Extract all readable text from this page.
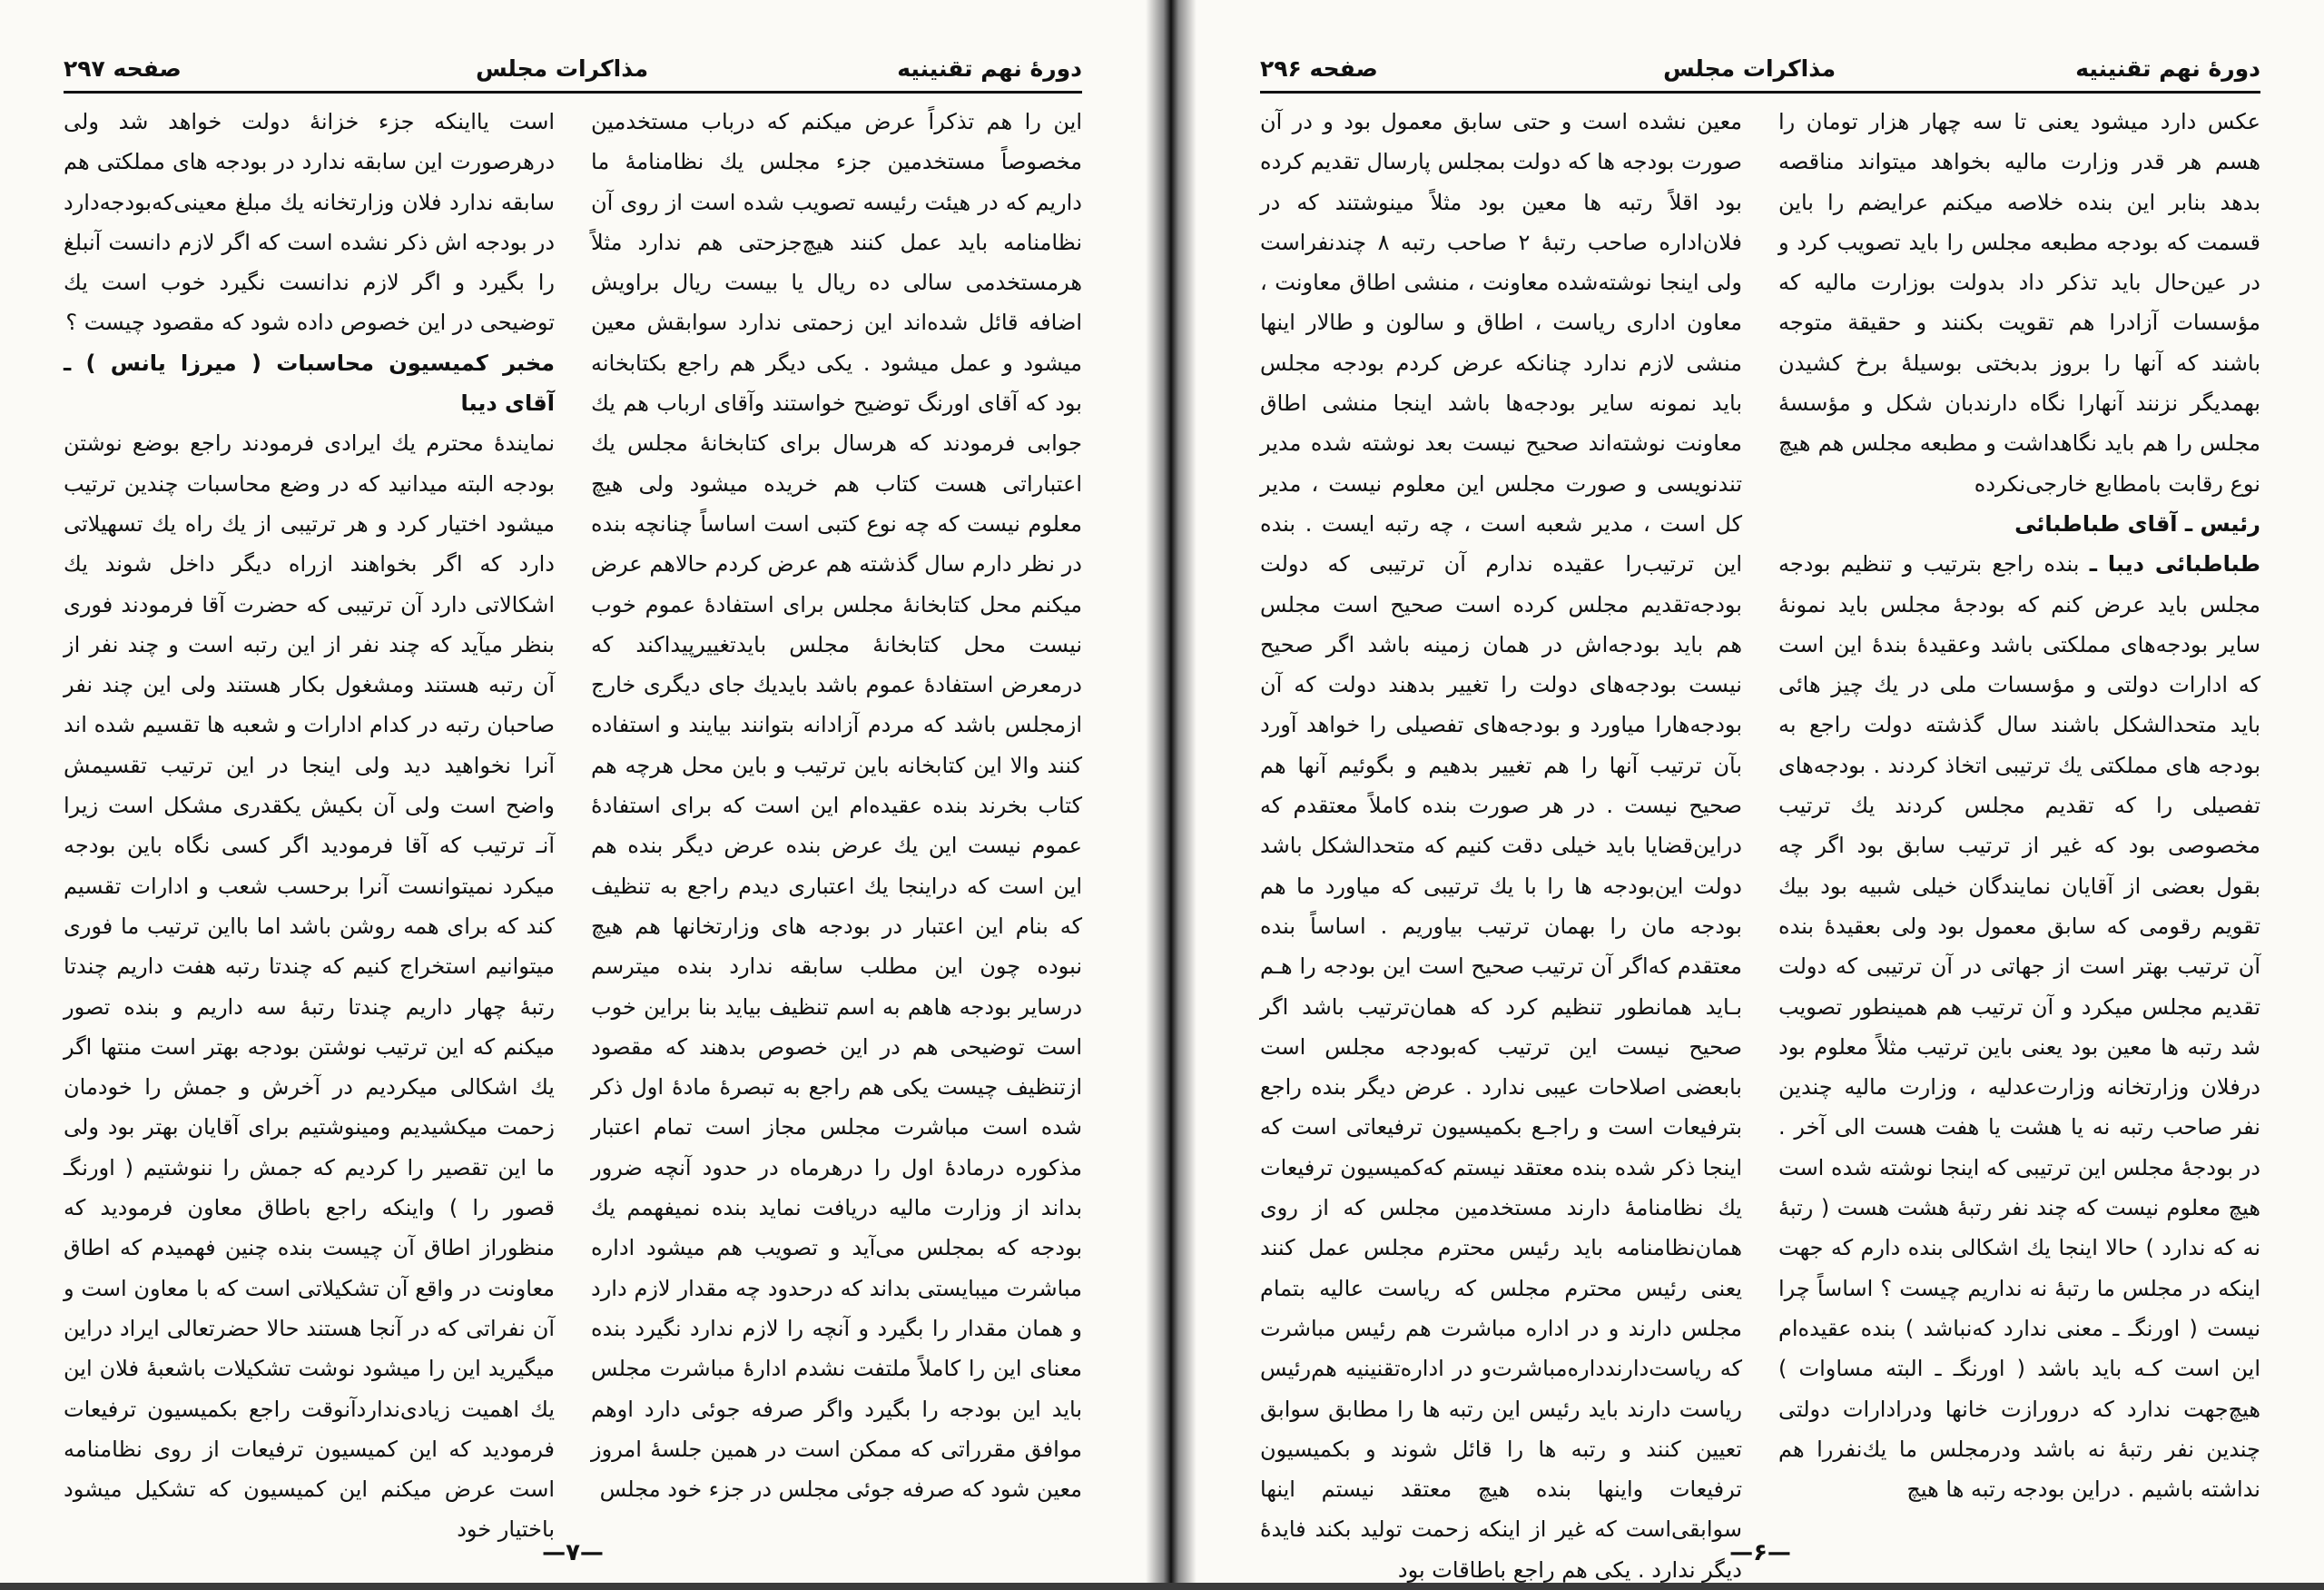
دورهٔ نهم تقنینیه
مذاکرات مجلس
صفحه ۲۹۷

این را هم تذکراً عرض میکنم که درباب مستخدمین مخصوصاً مستخدمین جزء مجلس یك نظامنامهٔ ما داریم که در هیئت رئیسه تصویب شده است از روی آن نظامنامه باید عمل کنند هیچ‌جزحتی هم ندارد مثلاً هرمستخدمی سالی ده ریال یا بیست ریال براویش اضافه قائل شده‌اند این زحمتی ندارد سوابقش معین میشود و عمل میشود . یکی دیگر هم راجع بکتابخانه بود که آقای اورنگ توضیح خواستند وآقای ارباب هم یك جوابی فرمودند که هرسال برای کتابخانهٔ مجلس یك اعتباراتی هست کتاب هم خریده میشود ولی هیچ معلوم نیست که چه نوع کتبی است اساساً چنانچه بنده در نظر دارم سال گذشته هم عرض کردم حالاهم عرض میکنم محل کتابخانهٔ مجلس برای استفادهٔ عموم خوب نیست محل کتابخانهٔ مجلس بایدتغییرپیداکند که درمعرض استفادهٔ عموم باشد بایدیك جای دیگری خارج ازمجلس باشد که مردم آزادانه بتوانند بیایند و استفاده کنند والا این کتابخانه باین ترتیب و باین محل هرچه هم کتاب بخرند بنده عقیده‌ام این است که برای استفادهٔ عموم نیست این یك عرض بنده عرض دیگر بنده هم این است که دراینجا یك اعتباری دیدم راجع به تنظیف که بنام این اعتبار در بودجه های وزارتخانها هم هیچ نبوده چون این مطلب سابقه ندارد بنده میترسم درسایر بودجه هاهم به اسم تنظیف بیاید بنا براین خوب است توضیحی هم در این خصوص بدهند که مقصود ازتنظیف چیست یکی هم راجع به تبصرهٔ مادهٔ اول ذکر شده است مباشرت مجلس مجاز است تمام اعتبار مذکوره درمادهٔ اول را درهرماه در حدود آنچه ضرور بداند از وزارت مالیه دریافت نماید بنده نمیفهمم یك بودجه که بمجلس می‌آید و تصویب هم میشود اداره مباشرت میبایستی بداند که درحدود چه مقدار لازم دارد و همان مقدار را بگیرد و آنچه را لازم ندارد نگیرد بنده معنای این را کاملاً ملتفت نشدم ادارهٔ مباشرت مجلس باید این بودجه را بگیرد واگر صرفه جوئی دارد اوهم موافق مقرراتی که ممکن است در همین جلسهٔ امروز معین شود که صرفه جوئی مجلس در جزء خود مجلس

است یااینکه جزء خزانهٔ دولت خواهد شد ولی درهرصورت این سابقه ندارد در بودجه های مملکتی هم سابقه ندارد فلان وزارتخانه یك مبلغ معینی‌که‌بودجه‌دارد در بودجه اش ذکر نشده است که اگر لازم دانست آنبلغ را بگیرد و اگر لازم ندانست نگیرد خوب است یك توضیحی در این خصوص داده شود که مقصود چیست ؟

مخبر کمیسیون محاسبات ( میرزا یانس ) ـ آقای دیبا

نمایندهٔ محترم یك ایرادی فرمودند راجع بوضع نوشتن بودجه البته میدانید که در وضع محاسبات چندین ترتیب میشود اختیار کرد و هر ترتیبی از یك راه یك تسهیلاتی دارد که اگر بخواهند ازراه دیگر داخل شوند یك اشکالاتی دارد آن ترتیبی که حضرت آقا فرمودند فوری بنظر میآید که چند نفر از این رتبه است و چند نفر از آن رتبه هستند ومشغول بکار هستند ولی این چند نفر صاحبان رتبه در کدام ادارات و شعبه ها تقسیم شده اند آنرا نخواهید دید ولی اینجا در این ترتیب تقسیمش واضح است ولی آن بکیش یکقدری مشکل است زیرا آنـ ترتیب که آقا فرمودید اگر کسی نگاه باین بودجه میکرد نمیتوانست آنرا برحسب شعب و ادارات تقسیم کند که برای همه روشن باشد اما بااین ترتیب ما فوری میتوانیم استخراج کنیم که چندتا رتبه هفت داریم چندتا رتبهٔ چهار داریم چندتا رتبهٔ سه داریم و بنده تصور میکنم که این ترتیب نوشتن بودجه بهتر است منتها اگر یك اشکالی میکردیم در آخرش و جمش را خودمان زحمت میکشیدیم ومینوشتیم برای آقایان بهتر بود ولی ما این تقصیر را کردیم که جمش را ننوشتیم ( اورنگـ قصور را ) واینکه راجع باطاق معاون فرمودید که منظوراز اطاق آن چیست بنده چنین فهمیدم که اطاق معاونت در واقع آن تشکیلاتی است که با معاون است و آن نفراتی که در آنجا هستند حالا حضرتعالی ایراد دراین میگیرید این را میشود نوشت تشکیلات باشعبهٔ فلان این یك اهمیت زیادی‌ندارد‌آنوقت راجع بکمیسیون ترفیعات فرمودید که این کمیسیون ترفیعات از روی نظامنامه است عرض میکنم این کمیسیون که تشکیل میشود باختیار خود

—۷—
دورهٔ نهم تقنینیه
مذاکرات مجلس
صفحه ۲۹۶

عکس دارد میشود یعنی تا سه چهار هزار تومان را هسم هر قدر وزارت مالیه بخواهد میتواند مناقصه بدهد بنابر این بنده خلاصه میکنم عرایضم را باین قسمت که بودجه مطبعه مجلس را باید تصویب کرد و در عین‌حال باید تذکر داد بدولت بوزارت مالیه که مؤسسات آزادرا هم تقویت بکنند و حقیقة متوجه باشند که آنها را بروز بدبختی بوسیلهٔ برخ کشیدن بهمدیگر نزنند آنهارا نگاه دارند‌بان شکل و مؤسسهٔ مجلس را هم باید نگاهداشت و مطبعه مجلس هم هیچ نوع رقابت بامطابع خارجی‌نکرده

رئیس ـ آقای طباطبائی

طباطبائی دیبا ـ بنده راجع بترتیب و تنظیم بودجه مجلس باید عرض کنم که بودجهٔ مجلس باید نمونهٔ سایر بودجه‌های مملکتی باشد وعقیدهٔ بندهٔ این است که ادارات دولتی و مؤسسات ملی در یك چیز هائی باید متحدالشکل باشند سال گذشته دولت راجع به بودجه های مملکتی یك ترتیبی اتخاذ کردند . بودجه‌های تفصیلی را که تقدیم مجلس کردند یك ترتیب مخصوصی بود که غیر از ترتیب سابق بود اگر چه بقول بعضی از آقایان نمایندگان خیلی شبیه بود بیك تقویم رقومی که سابق معمول بود ولی بعقیدهٔ بنده آن ترتیب بهتر است از جهاتی در آن ترتیبی که دولت تقدیم مجلس میکرد و آن ترتیب هم همینطور تصویب شد رتبه ها معین بود یعنی باین ترتیب مثلاً معلوم بود درفلان وزارتخانه وزارت‌عدلیه ، وزارت مالیه چندین نفر صاحب رتبه نه یا هشت یا هفت هست الی آخر . در بودجهٔ مجلس این ترتیبی که اینجا نوشته شده است هیچ معلوم نیست که چند نفر رتبهٔ هشت هست ( رتبهٔ نه که ندارد ) حالا اینجا یك اشکالی بنده دارم که جهت اینکه در مجلس ما رتبهٔ نه نداریم چیست ؟ اساساً چرا نیست ( اورنگـ ـ معنی ندارد که‌نباشد ) بنده عقیده‌ام این است کـه باید باشد ( اورنگـ ـ البته مساوات ) هیچ‌جهت ندارد که درورازت خانها ودرادارات دولتی چندین نفر رتبهٔ نه باشد ودرمجلس ما یك‌نفررا هم نداشته باشیم . دراین بودجه رتبه ها هیچ

معین نشده است و حتی سابق معمول بود و در آن صورت بودجه ها که دولت بمجلس پارسال تقدیم کرده بود اقلاً رتبه ها معین بود مثلاً مینوشتند که در فلان‌اداره صاحب رتبهٔ ۲ صاحب رتبه ۸ چندنفراست ولی اینجا نوشته‌شده معاونت ، منشی اطاق معاونت ، معاون اداری ریاست ، اطاق و سالون و طالار اینها منشی لازم ندارد چنانکه عرض کردم بودجه مجلس باید نمونه سایر بودجه‌ها باشد اینجا منشی اطاق معاونت نوشته‌اند صحیح نیست بعد نوشته شده مدیر تندنویسی و صورت مجلس این معلوم نیست ، مدیر کل است ، مدیر شعبه است ، چه رتبه ایست . بنده این ترتیب‌را عقیده ندارم آن ترتیبی که دولت بودجه‌تقدیم مجلس کرده است صحیح است مجلس هم باید بودجه‌اش در همان زمینه باشد اگر صحیح نیست بودجه‌های دولت را تغییر بدهند دولت که آن بودجه‌هارا میاورد و بودجه‌های تفصیلی را خواهد آورد بآن ترتیب آنها را هم تغییر بدهیم و بگوئیم آنها هم صحیح نیست . در هر صورت بنده کاملاً معتقدم که دراین‌قضایا باید خیلی دقت کنیم که متحدالشکل باشد دولت این‌بودجه ها را با یك ترتیبی که میاورد ما هم بودجه مان را بهمان ترتیب بیاوریم . اساساً بنده معتقدم که‌اگر آن ترتیب صحیح است این بودجه را هـم بـاید همانطور تنظیم کرد که همان‌ترتیب باشد اگر صحیح نیست این ترتیب که‌بودجه مجلس است بابعضی اصلاحات عیبی ندارد . عرض دیگر بنده راجع بترفیعات است و راجـع بکمیسیون ترفیعاتی است که اینجا ذکر شده بنده معتقد نیستم که‌کمیسیون ترفیعات یك نظامنامهٔ دارند مستخدمین مجلس که از روی همان‌نظامنامه باید رئیس محترم مجلس عمل کنند یعنی رئیس محترم مجلس که ریاست عالیه بتمام مجلس دارند و در اداره مباشرت هم رئیس مباشرت که ریاست‌دارند‌داره‌مباشرت‌و در اداره‌تقنینیه هم‌رئیس ریاست دارند باید رئیس این رتبه ها را مطابق سوابق تعیین کنند و رتبه ها را قائل شوند و بکمیسیون ترفیعات واینها بنده هیچ معتقد نیستم اینها سوابقی‌است که غیر از اینکه زحمت تولید بکند فایدهٔ دیگر ندارد . یکی هم راجع باطاقات بود

—۶—
